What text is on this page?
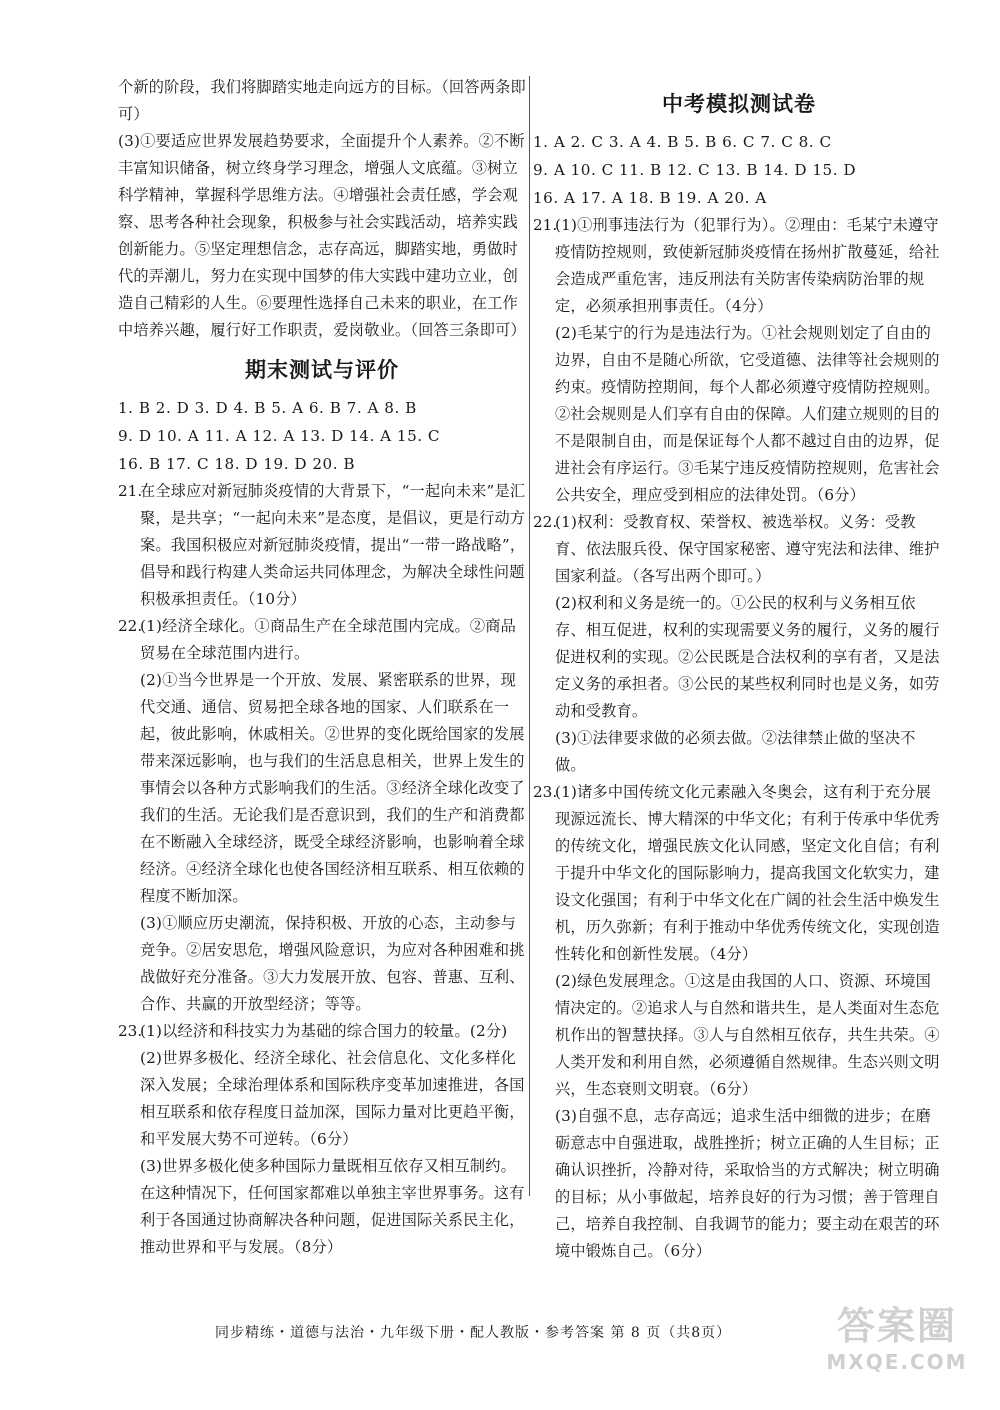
个新的阶段，我们将脚踏实地走向远方的目标。（回答两条即可）

(3)①要适应世界发展趋势要求，全面提升个人素养。②不断丰富知识储备，树立终身学习理念，增强人文底蕴。③树立科学精神，掌握科学思维方法。④增强社会责任感，学会观察、思考各种社会现象，积极参与社会实践活动，培养实践创新能力。⑤坚定理想信念，志存高远，脚踏实地，勇做时代的弄潮儿，努力在实现中国梦的伟大实践中建功立业，创造自己精彩的人生。⑥要理性选择自己未来的职业，在工作中培养兴趣，履行好工作职责，爱岗敬业。（回答三条即可）

期末测试与评价

1. B 2. D 3. D 4. B 5. A 6. B 7. A 8. B

9. D 10. A 11. A 12. A 13. D 14. A 15. C

16. B 17. C 18. D 19. D 20. B

21.

在全球应对新冠肺炎疫情的大背景下，“一起向未来”是汇聚，是共享；“一起向未来”是态度，是倡议，更是行动方案。我国积极应对新冠肺炎疫情，提出“一带一路战略”，倡导和践行构建人类命运共同体理念，为解决全球性问题积极承担责任。（10分）

22.

(1)经济全球化。①商品生产在全球范围内完成。②商品贸易在全球范围内进行。

(2)①当今世界是一个开放、发展、紧密联系的世界，现代交通、通信、贸易把全球各地的国家、人们联系在一起，彼此影响，休戚相关。②世界的变化既给国家的发展带来深远影响，也与我们的生活息息相关，世界上发生的事情会以各种方式影响我们的生活。③经济全球化改变了我们的生活。无论我们是否意识到，我们的生产和消费都在不断融入全球经济，既受全球经济影响，也影响着全球经济。④经济全球化也使各国经济相互联系、相互依赖的程度不断加深。

(3)①顺应历史潮流，保持积极、开放的心态，主动参与竞争。②居安思危，增强风险意识，为应对各种困难和挑战做好充分准备。③大力发展开放、包容、普惠、互利、合作、共赢的开放型经济；等等。

23.

(1)以经济和科技实力为基础的综合国力的较量。(2分)

(2)世界多极化、经济全球化、社会信息化、文化多样化深入发展；全球治理体系和国际秩序变革加速推进，各国相互联系和依存程度日益加深，国际力量对比更趋平衡，和平发展大势不可逆转。（6分）

(3)世界多极化使多种国际力量既相互依存又相互制约。在这种情况下，任何国家都难以单独主宰世界事务。这有利于各国通过协商解决各种问题，促进国际关系民主化，推动世界和平与发展。（8分）

中考模拟测试卷

1. A 2. C 3. A 4. B 5. B 6. C 7. C 8. C

9. A 10. C 11. B 12. C 13. B 14. D 15. D

16. A 17. A 18. B 19. A 20. A

21.

(1)①刑事违法行为（犯罪行为）。②理由：毛某宁未遵守疫情防控规则，致使新冠肺炎疫情在扬州扩散蔓延，给社会造成严重危害，违反刑法有关防害传染病防治罪的规定，必须承担刑事责任。（4分）

(2)毛某宁的行为是违法行为。①社会规则划定了自由的边界，自由不是随心所欲，它受道德、法律等社会规则的约束。疫情防控期间，每个人都必须遵守疫情防控规则。②社会规则是人们享有自由的保障。人们建立规则的目的不是限制自由，而是保证每个人都不越过自由的边界，促进社会有序运行。③毛某宁违反疫情防控规则，危害社会公共安全，理应受到相应的法律处罚。（6分）

22.

(1)权利：受教育权、荣誉权、被选举权。义务：受教育、依法服兵役、保守国家秘密、遵守宪法和法律、维护国家利益。（各写出两个即可。）

(2)权利和义务是统一的。①公民的权利与义务相互依存、相互促进，权利的实现需要义务的履行，义务的履行促进权利的实现。②公民既是合法权利的享有者，又是法定义务的承担者。③公民的某些权利同时也是义务，如劳动和受教育。

(3)①法律要求做的必须去做。②法律禁止做的坚决不做。

23.

(1)诸多中国传统文化元素融入冬奥会，这有利于充分展现源远流长、博大精深的中华文化；有利于传承中华优秀的传统文化，增强民族文化认同感，坚定文化自信；有利于提升中华文化的国际影响力，提高我国文化软实力，建设文化强国；有利于中华文化在广阔的社会生活中焕发生机，历久弥新；有利于推动中华优秀传统文化，实现创造性转化和创新性发展。（4分）

(2)绿色发展理念。①这是由我国的人口、资源、环境国情决定的。②追求人与自然和谐共生，是人类面对生态危机作出的智慧抉择。③人与自然相互依存，共生共荣。④人类开发和利用自然，必须遵循自然规律。生态兴则文明兴，生态衰则文明衰。（6分）

(3)自强不息，志存高远；追求生活中细微的进步；在磨砺意志中自强进取，战胜挫折；树立正确的人生目标；正确认识挫折，冷静对待，采取恰当的方式解决；树立明确的目标；从小事做起，培养良好的行为习惯；善于管理自己，培养自我控制、自我调节的能力；要主动在艰苦的环境中锻炼自己。（6分）

同步精练・道德与法治・九年级下册・配人教版・参考答案 第 8 页（共8页）	答案圈
MXQE.COM
